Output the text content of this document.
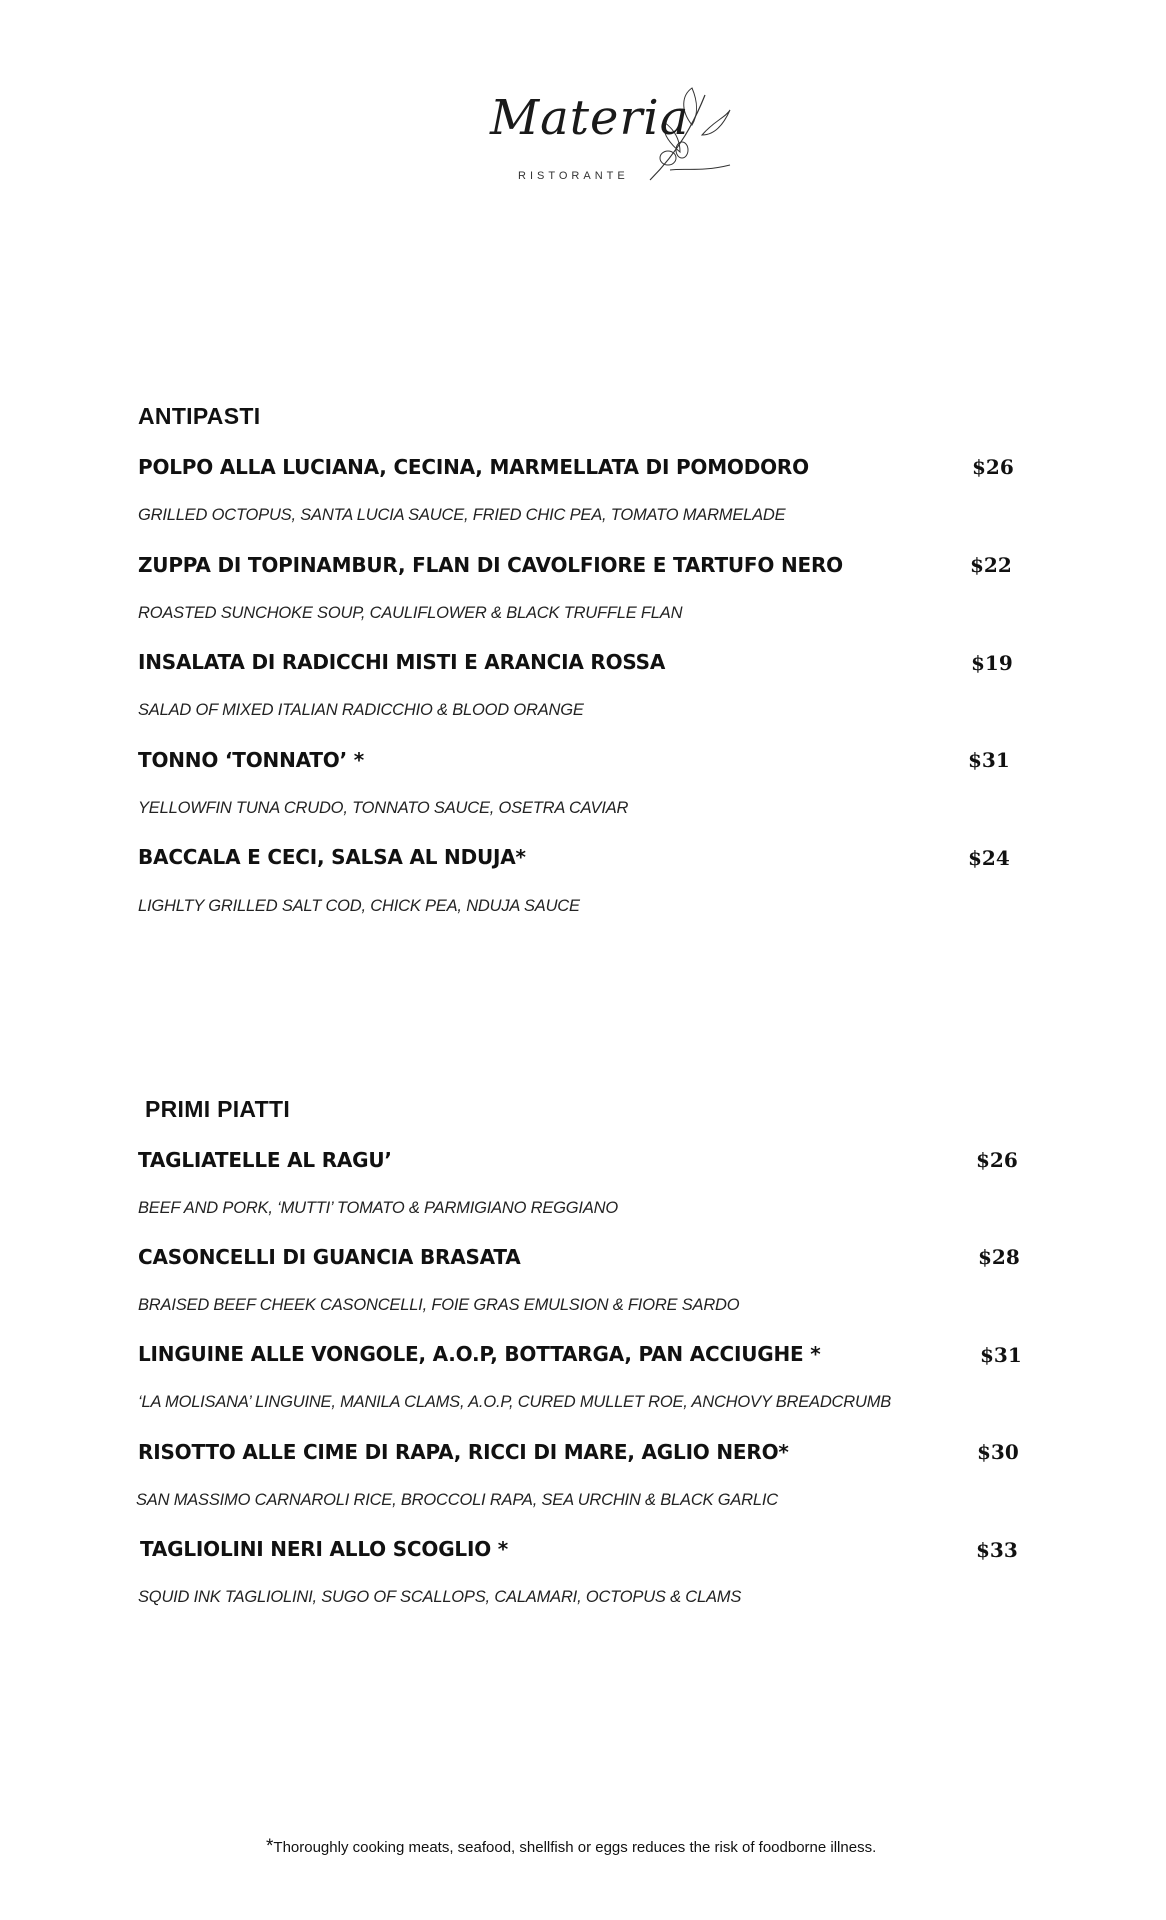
Materia
RISTORANTE
ANTIPASTI
POLPO ALLA LUCIANA, CECINA, MARMELLATA DI POMODORO	$26
GRILLED OCTOPUS, SANTA LUCIA SAUCE, FRIED CHIC PEA, TOMATO MARMELADE
ZUPPA DI TOPINAMBUR, FLAN DI CAVOLFIORE E TARTUFO NERO	$22
ROASTED SUNCHOKE SOUP, CAULIFLOWER & BLACK TRUFFLE FLAN
INSALATA DI RADICCHI MISTI E ARANCIA ROSSA	$19
SALAD OF MIXED ITALIAN RADICCHIO & BLOOD ORANGE
TONNO ‘TONNATO’ *	$31
YELLOWFIN TUNA CRUDO, TONNATO SAUCE, OSETRA CAVIAR
BACCALA E CECI, SALSA AL NDUJA*	$24
LIGHLTY GRILLED SALT COD, CHICK PEA, NDUJA SAUCE
PRIMI PIATTI
TAGLIATELLE AL RAGU’	$26
BEEF AND PORK, ‘MUTTI’ TOMATO & PARMIGIANO REGGIANO
CASONCELLI DI GUANCIA BRASATA	$28
BRAISED BEEF CHEEK CASONCELLI, FOIE GRAS EMULSION & FIORE SARDO
LINGUINE ALLE VONGOLE, A.O.P, BOTTARGA, PAN ACCIUGHE *	$31
‘LA MOLISANA’ LINGUINE, MANILA CLAMS, A.O.P, CURED MULLET ROE, ANCHOVY BREADCRUMB
RISOTTO ALLE CIME DI RAPA, RICCI DI MARE, AGLIO NERO*	$30
SAN MASSIMO CARNAROLI RICE, BROCCOLI RAPA, SEA URCHIN & BLACK GARLIC
TAGLIOLINI NERI ALLO SCOGLIO *	$33
SQUID INK TAGLIOLINI, SUGO OF SCALLOPS, CALAMARI, OCTOPUS & CLAMS
*Thoroughly cooking meats, seafood, shellfish or eggs reduces the risk of foodborne illness.
